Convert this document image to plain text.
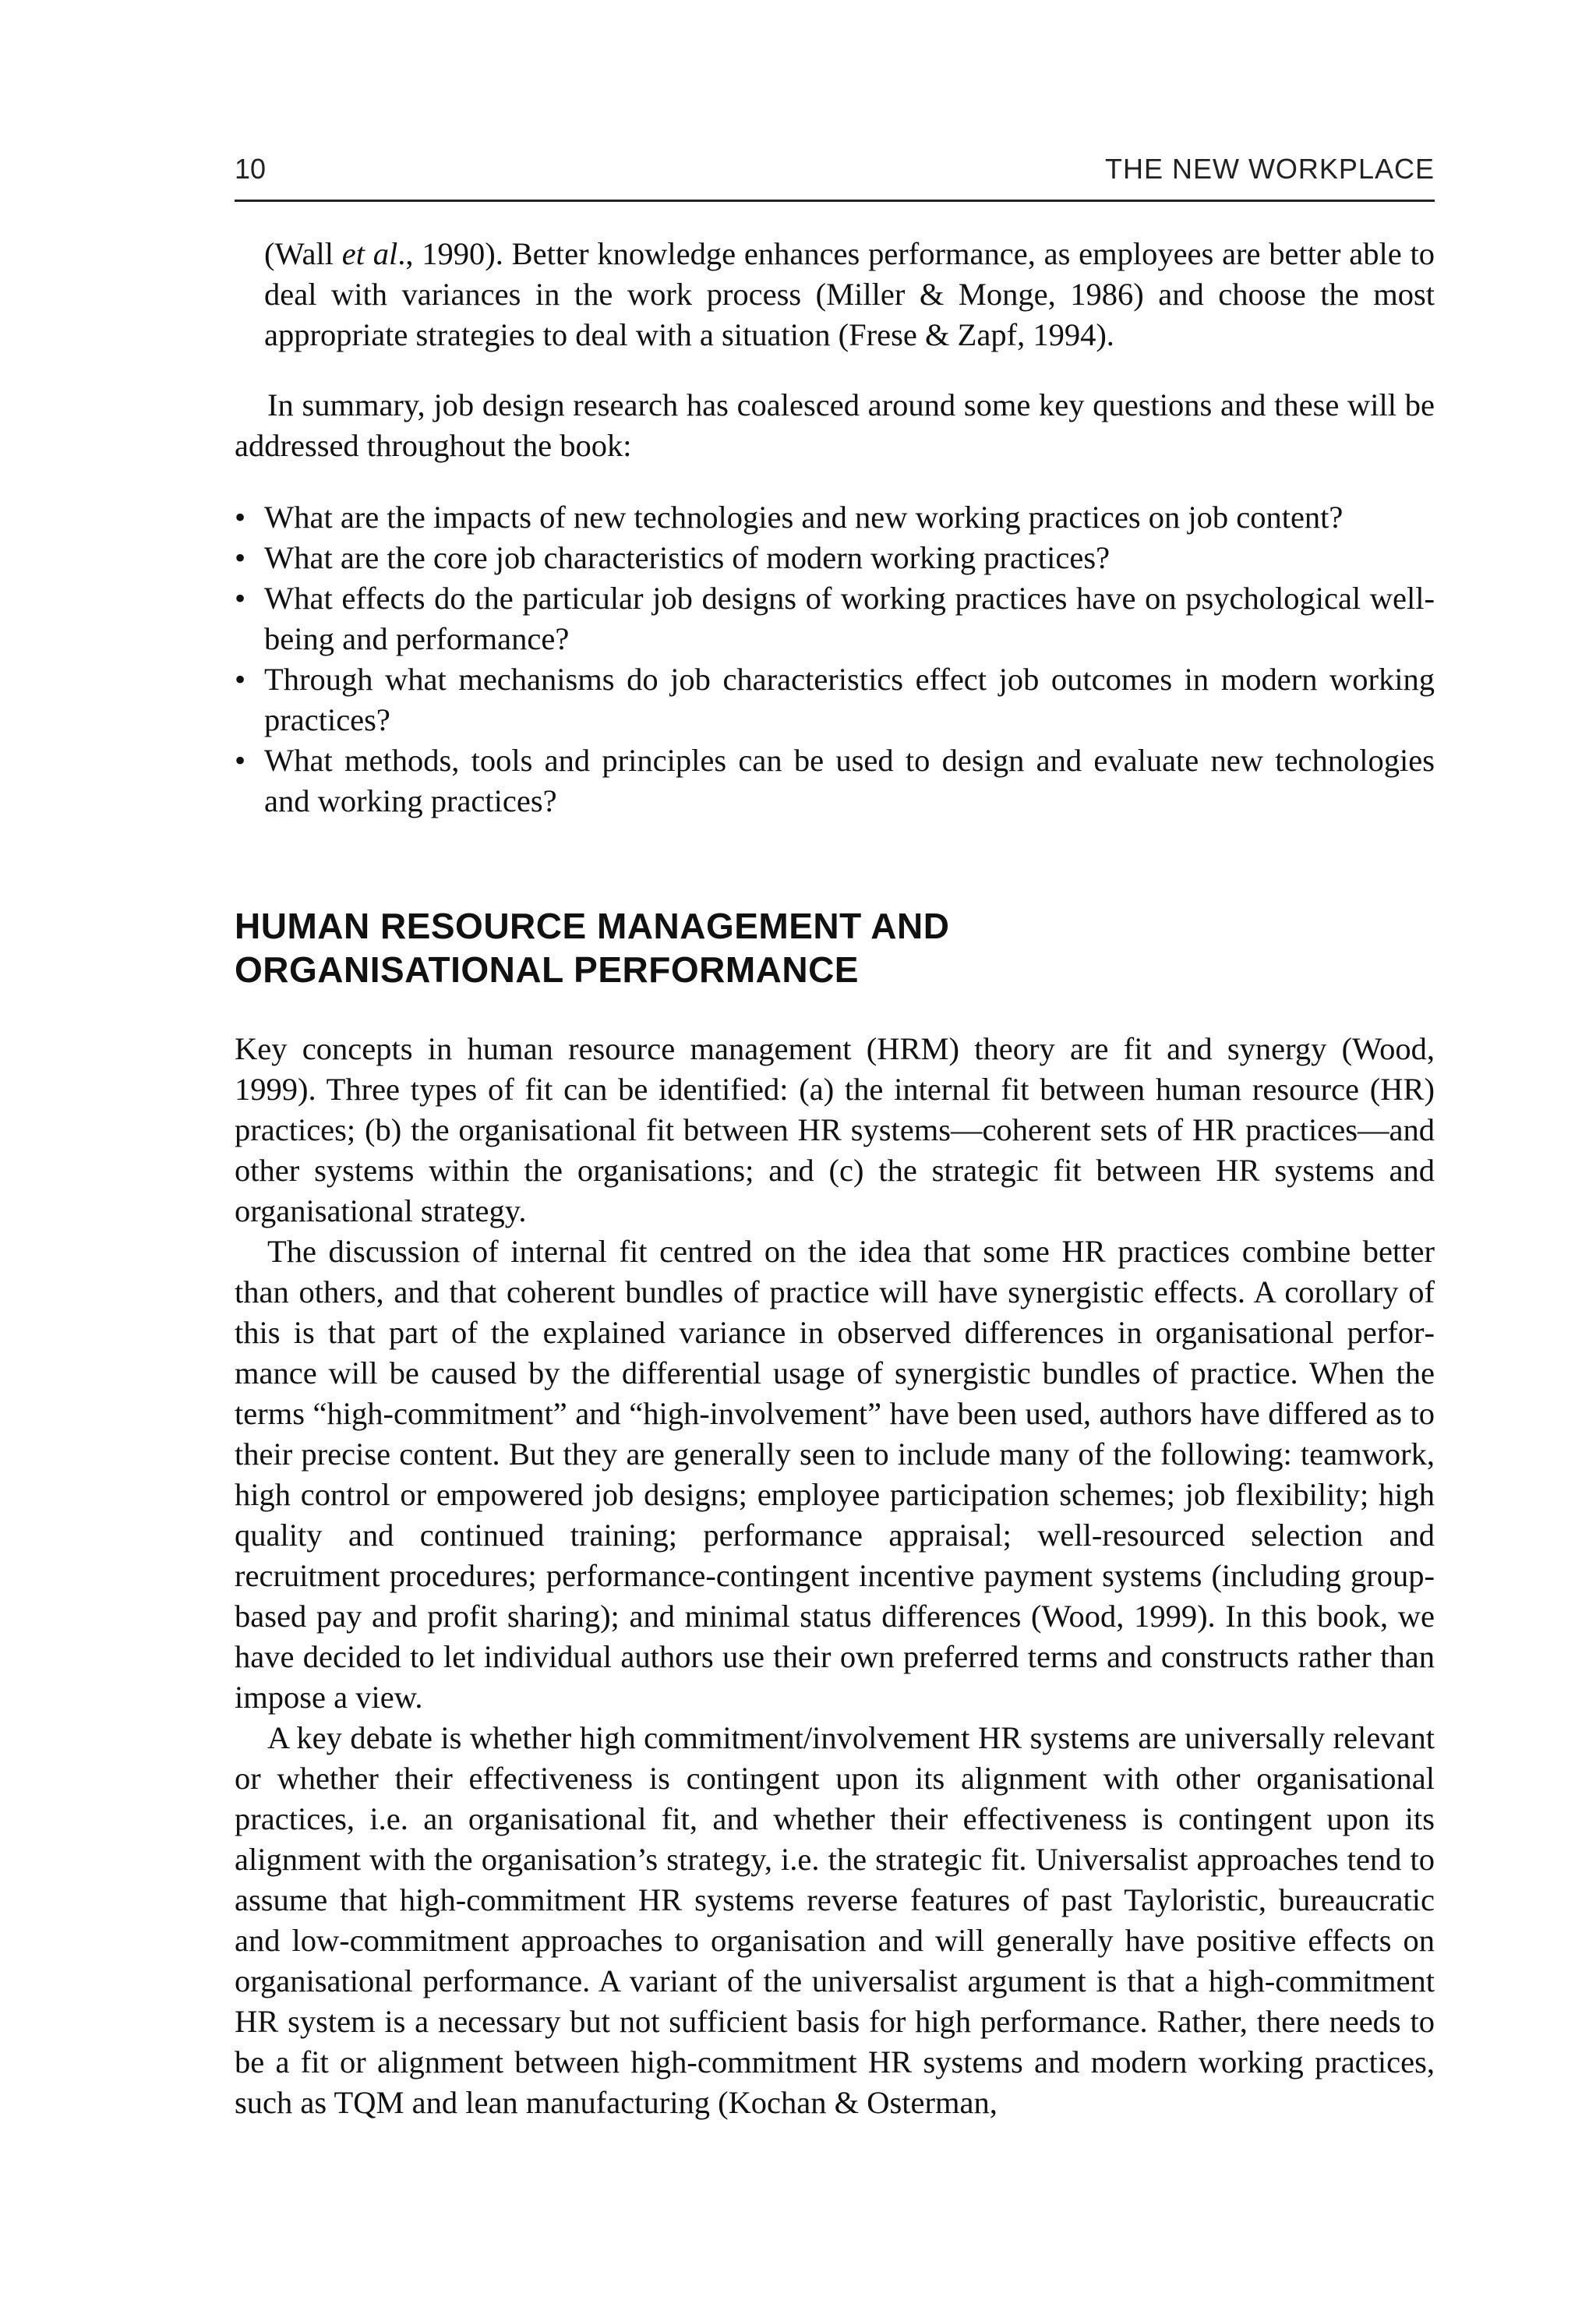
10	THE NEW WORKPLACE

(Wall et al., 1990). Better knowledge enhances performance, as employees are better able to deal with variances in the work process (Miller & Monge, 1986) and choose the most appropriate strategies to deal with a situation (Frese & Zapf, 1994).

In summary, job design research has coalesced around some key questions and these will be addressed throughout the book:

• What are the impacts of new technologies and new working practices on job content?
• What are the core job characteristics of modern working practices?
• What effects do the particular job designs of working practices have on psychological well-being and performance?
• Through what mechanisms do job characteristics effect job outcomes in modern working practices?
• What methods, tools and principles can be used to design and evaluate new technologies and working practices?
HUMAN RESOURCE MANAGEMENT AND
ORGANISATIONAL PERFORMANCE

Key concepts in human resource management (HRM) theory are fit and synergy (Wood, 1999). Three types of fit can be identified: (a) the internal fit between human resource (HR) practices; (b) the organisational fit between HR systems—coherent sets of HR practices—and other systems within the organisations; and (c) the strategic fit between HR systems and organisational strategy.

The discussion of internal fit centred on the idea that some HR practices combine better than others, and that coherent bundles of practice will have synergistic effects. A corollary of this is that part of the explained variance in observed differences in organisational performance will be caused by the differential usage of synergistic bundles of practice. When the terms “high-commitment” and “high-involvement” have been used, authors have differed as to their precise content. But they are generally seen to include many of the following: teamwork, high control or empowered job designs; employee participation schemes; job flexibility; high quality and continued training; performance appraisal; well-resourced selection and recruitment procedures; performance-contingent incentive payment systems (including group-based pay and profit sharing); and minimal status differences (Wood, 1999). In this book, we have decided to let individual authors use their own preferred terms and constructs rather than impose a view.

A key debate is whether high commitment/involvement HR systems are universally relevant or whether their effectiveness is contingent upon its alignment with other organisational practices, i.e. an organisational fit, and whether their effectiveness is contingent upon its alignment with the organisation’s strategy, i.e. the strategic fit. Universalist approaches tend to assume that high-commitment HR systems reverse features of past Tayloristic, bureaucratic and low-commitment approaches to organisation and will generally have positive effects on organisational performance. A variant of the universalist argument is that a high-commitment HR system is a necessary but not sufficient basis for high performance. Rather, there needs to be a fit or alignment between high-commitment HR systems and modern working practices, such as TQM and lean manufacturing (Kochan & Osterman,
